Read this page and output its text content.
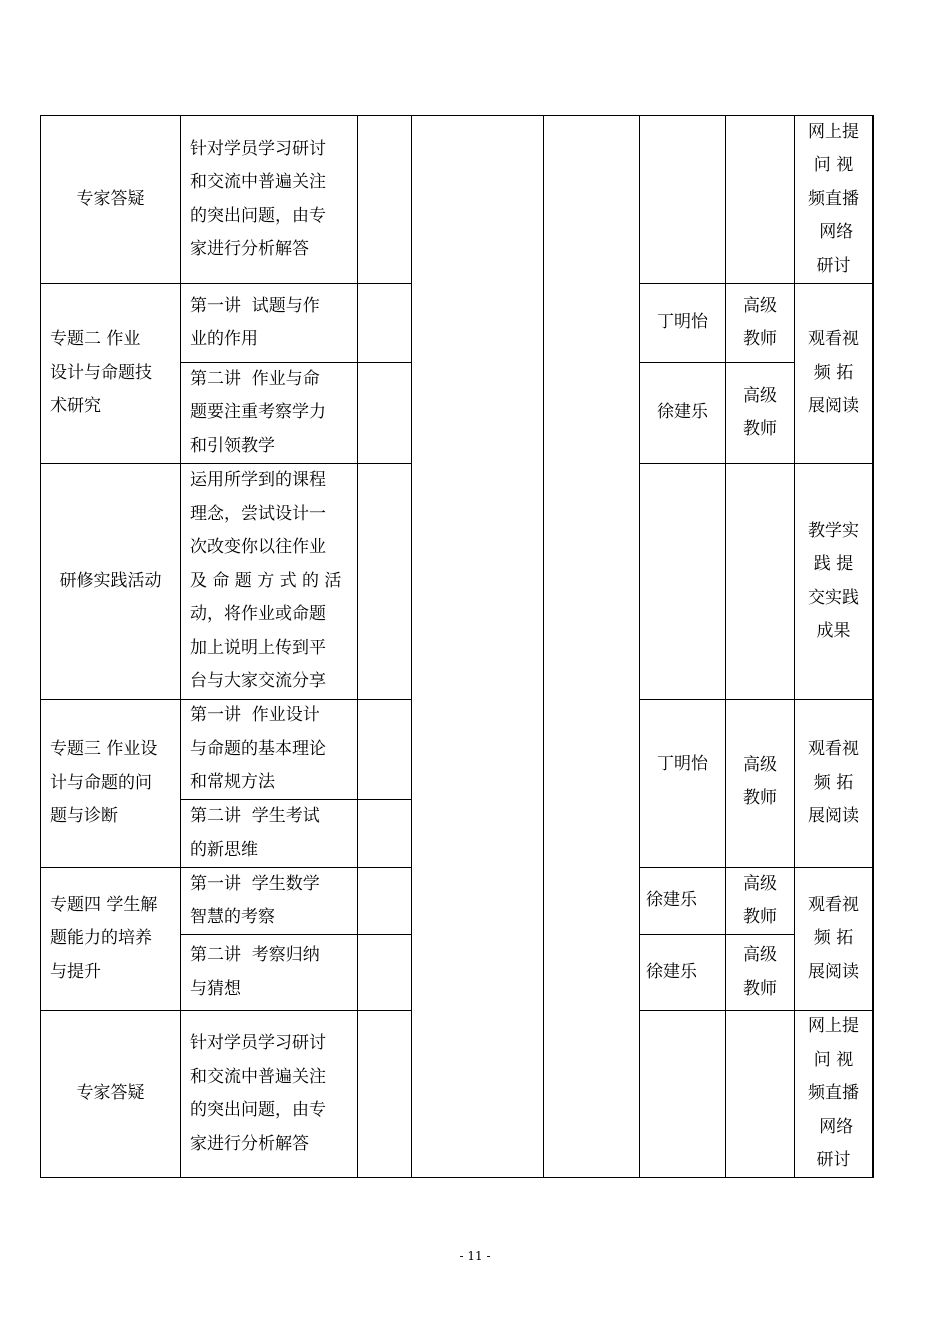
专家答疑
针对学员学习研讨
和交流中普遍关注
的突出问题，由专
家进行分析解答
网上提
问 视
频直播
网络
研讨
专题二 作业
设计与命题技
术研究
第一讲  试题与作
业的作用
丁明怡
高级
教师
第二讲  作业与命
题要注重考察学力
和引领教学
徐建乐
高级
教师
观看视
频 拓
展阅读
研修实践活动
运用所学到的课程
理念，尝试设计一
次改变你以往作业
及 命 题 方 式 的 活
动，将作业或命题
加上说明上传到平
台与大家交流分享
教学实
践 提
交实践
成果
专题三 作业设
计与命题的问
题与诊断
第一讲  作业设计
与命题的基本理论
和常规方法
第二讲  学生考试
的新思维
丁明怡 高级
教师
观看视
频 拓
展阅读
专题四 学生解
题能力的培养
与提升
第一讲  学生数学
智慧的考察
徐建乐
高级
教师
第二讲  考察归纳
与猜想
徐建乐
高级
教师
观看视
频 拓
展阅读
专家答疑
针对学员学习研讨
和交流中普遍关注
的突出问题，由专
家进行分析解答
网上提
问 视
频直播
网络
研讨
- 11 -
